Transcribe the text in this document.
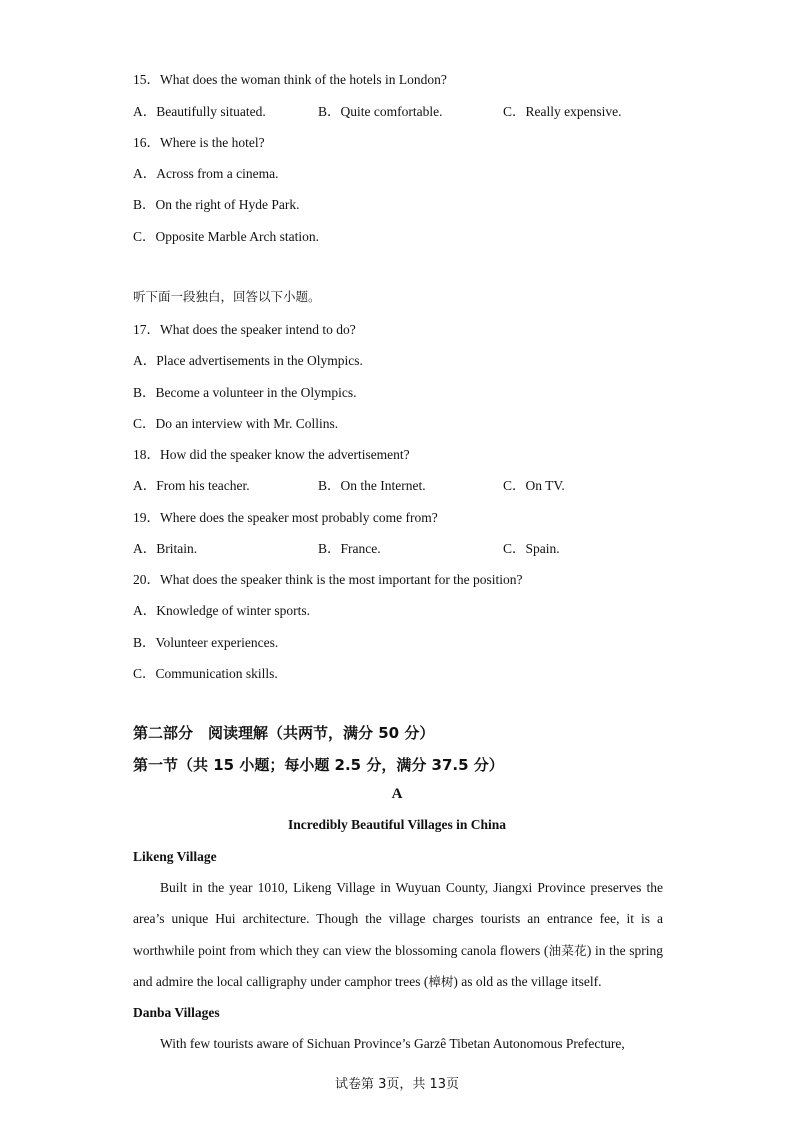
15．What does the woman think of the hotels in London?
A．Beautifully situated.	B．Quite comfortable.	C．Really expensive.
16．Where is the hotel?
A．Across from a cinema.
B．On the right of Hyde Park.
C．Opposite Marble Arch station.
听下面一段独白，回答以下小题。
17．What does the speaker intend to do?
A．Place advertisements in the Olympics.
B．Become a volunteer in the Olympics.
C．Do an interview with Mr. Collins.
18．How did the speaker know the advertisement?
A．From his teacher.	B．On the Internet.	C．On TV.
19．Where does the speaker most probably come from?
A．Britain.	B．France.	C．Spain.
20．What does the speaker think is the most important for the position?
A．Knowledge of winter sports.
B．Volunteer experiences.
C．Communication skills.
第二部分　阅读理解（共两节，满分 50 分）
第一节（共 15 小题；每小题 2.5 分，满分 37.5 分）
A
Incredibly Beautiful Villages in China
Likeng Village
Built in the year 1010, Likeng Village in Wuyuan County, Jiangxi Province preserves the area’s unique Hui architecture. Though the village charges tourists an entrance fee, it is a worthwhile point from which they can view the blossoming canola flowers (油菜花) in the spring and admire the local calligraphy under camphor trees (樟树) as old as the village itself.
Danba Villages
With few tourists aware of Sichuan Province’s Garzê Tibetan Autonomous Prefecture,
试卷第 3页，共 13页
